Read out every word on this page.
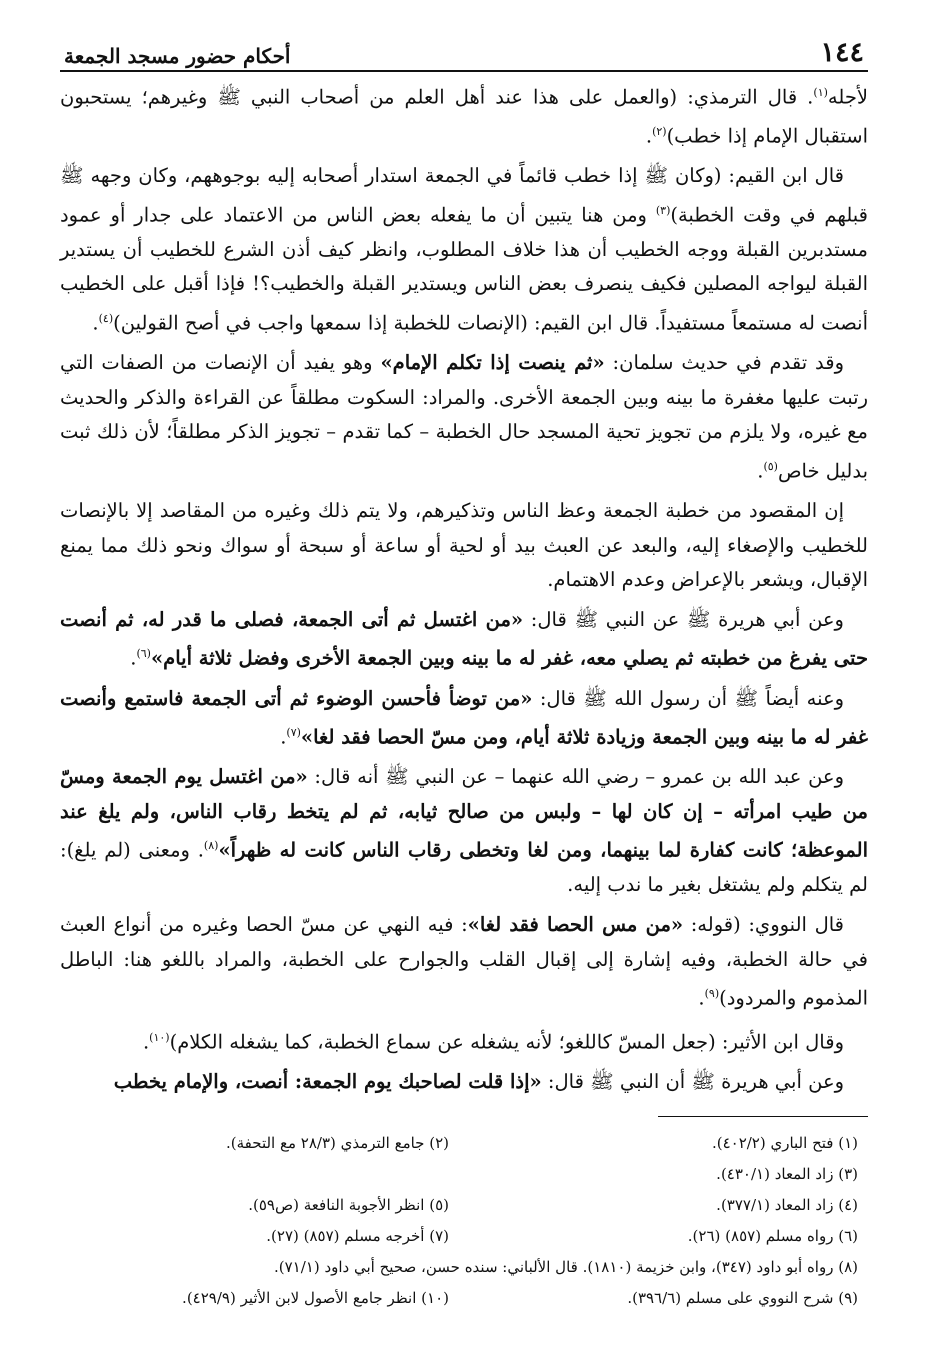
١٤٤
أحكام حضور مسجد الجمعة

لأجله$^{(١)}$. قال الترمذي: (والعمل على هذا عند أهل العلم من أصحاب النبي ﷺ وغيرهم؛ يستحبون استقبال الإمام إذا خطب)$^{(٢)}$.

قال ابن القيم: (وكان ﷺ إذا خطب قائماً في الجمعة استدار أصحابه إليه بوجوههم، وكان وجهه ﷺ قبلهم في وقت الخطبة)$^{(٣)}$ ومن هنا يتبين أن ما يفعله بعض الناس من الاعتماد على جدار أو عمود مستدبرين القبلة ووجه الخطيب أن هذا خلاف المطلوب، وانظر كيف أذن الشرع للخطيب أن يستدير القبلة ليواجه المصلين فكيف ينصرف بعض الناس ويستدير القبلة والخطيب؟! فإذا أقبل على الخطيب أنصت له مستمعاً مستفيداً. قال ابن القيم: (الإنصات للخطبة إذا سمعها واجب في أصح القولين)$^{(٤)}$.

وقد تقدم في حديث سلمان: «ثم ينصت إذا تكلم الإمام» وهو يفيد أن الإنصات من الصفات التي رتبت عليها مغفرة ما بينه وبين الجمعة الأخرى. والمراد: السكوت مطلقاً عن القراءة والذكر والحديث مع غيره، ولا يلزم من تجويز تحية المسجد حال الخطبة – كما تقدم – تجويز الذكر مطلقاً؛ لأن ذلك ثبت بدليل خاص$^{(٥)}$.

إن المقصود من خطبة الجمعة وعظ الناس وتذكيرهم، ولا يتم ذلك وغيره من المقاصد إلا بالإنصات للخطيب والإصغاء إليه، والبعد عن العبث بيد أو لحية أو ساعة أو سبحة أو سواك ونحو ذلك مما يمنع الإقبال، ويشعر بالإعراض وعدم الاهتمام.

وعن أبي هريرة ﷺ عن النبي ﷺ قال: «من اغتسل ثم أتى الجمعة، فصلى ما قدر له، ثم أنصت حتى يفرغ من خطبته ثم يصلي معه، غفر له ما بينه وبين الجمعة الأخرى وفضل ثلاثة أيام»$^{(٦)}$.

وعنه أيضاً ﷺ أن رسول الله ﷺ قال: «من توضأ فأحسن الوضوء ثم أتى الجمعة فاستمع وأنصت غفر له ما بينه وبين الجمعة وزيادة ثلاثة أيام، ومن مسّ الحصا فقد لغا»$^{(٧)}$.

وعن عبد الله بن عمرو – رضي الله عنهما – عن النبي ﷺ أنه قال: «من اغتسل يوم الجمعة ومسّ من طيب امرأته – إن كان لها – ولبس من صالح ثيابه، ثم لم يتخط رقاب الناس، ولم يلغ عند الموعظة؛ كانت كفارة لما بينهما، ومن لغا وتخطى رقاب الناس كانت له ظهراً»$^{(٨)}$. ومعنى (لم يلغ): لم يتكلم ولم يشتغل بغير ما ندب إليه.

قال النووي: (قوله: «من مس الحصا فقد لغا»: فيه النهي عن مسّ الحصا وغيره من أنواع العبث في حالة الخطبة، وفيه إشارة إلى إقبال القلب والجوارح على الخطبة، والمراد باللغو هنا: الباطل المذموم والمردود)$^{(٩)}$.

وقال ابن الأثير: (جعل المسّ كاللغو؛ لأنه يشغله عن سماع الخطبة، كما يشغله الكلام)$^{(١٠)}$.

وعن أبي هريرة ﷺ أن النبي ﷺ قال: «إذا قلت لصاحبك يوم الجمعة: أنصت، والإمام يخطب

(١) فتح الباري (٤٠٢/٢).
(٢) جامع الترمذي (٢٨/٣ مع التحفة).
(٣) زاد المعاد (٤٣٠/١).
(٤) زاد المعاد (٣٧٧/١).
(٥) انظر الأجوبة النافعة (ص٥٩).
(٦) رواه مسلم (٨٥٧) (٢٦).
(٧) أخرجه مسلم (٨٥٧) (٢٧).
(٨) رواه أبو داود (٣٤٧)، وابن خزيمة (١٨١٠). قال الألباني: سنده حسن، صحيح أبي داود (٧١/١).
(٩) شرح النووي على مسلم (٣٩٦/٦).
(١٠) انظر جامع الأصول لابن الأثير (٤٢٩/٩).
